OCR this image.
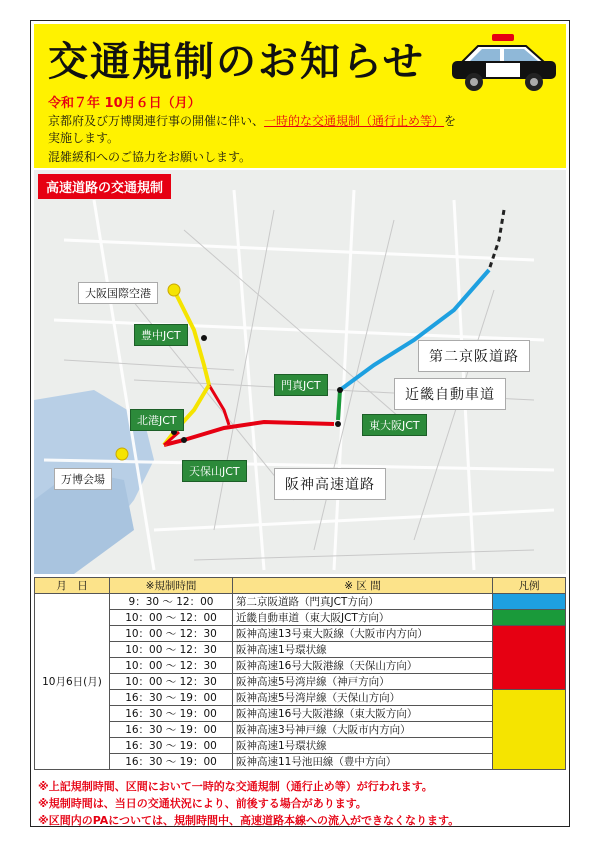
交通規制のお知らせ
令和７年 10月６日（月）
京都府及び万博関連行事の開催に伴い、一時的な交通規制（通行止め等）を
実施します。
混雑緩和へのご協力をお願いします。
高速道路の交通規制
大阪国際空港
豊中JCT
門真JCT
北港JCT	東大阪JCT
天保山JCT
万博会場
第二京阪道路
近畿自動車道
阪神高速道路
月　日	※規制時間	※ 区 間	凡例
10月6日(月)	9：30 ～ 12：00	第二京阪道路（門真JCT方向）	
	10：00 ～ 12：00	近畿自動車道（東大阪JCT方向）	
	10：00 ～ 12：30	阪神高速13号東大阪線（大阪市内方向）	
	10：00 ～ 12：30	阪神高速1号環状線	
	10：00 ～ 12：30	阪神高速16号大阪港線（天保山方向）	
	10：00 ～ 12：30	阪神高速5号湾岸線（神戸方向）	
	16：30 ～ 19：00	阪神高速5号湾岸線（天保山方向）	
	16：30 ～ 19：00	阪神高速16号大阪港線（東大阪方向）	
	16：30 ～ 19：00	阪神高速3号神戸線（大阪市内方向）	
	16：30 ～ 19：00	阪神高速1号環状線	
	16：30 ～ 19：00	阪神高速11号池田線（豊中方向）	
※上記規制時間、区間において一時的な交通規制（通行止め等）が行われます。
※規制時間は、当日の交通状況により、前後する場合があります。
※区間内のPAについては、規制時間中、高速道路本線への流入ができなくなります。
